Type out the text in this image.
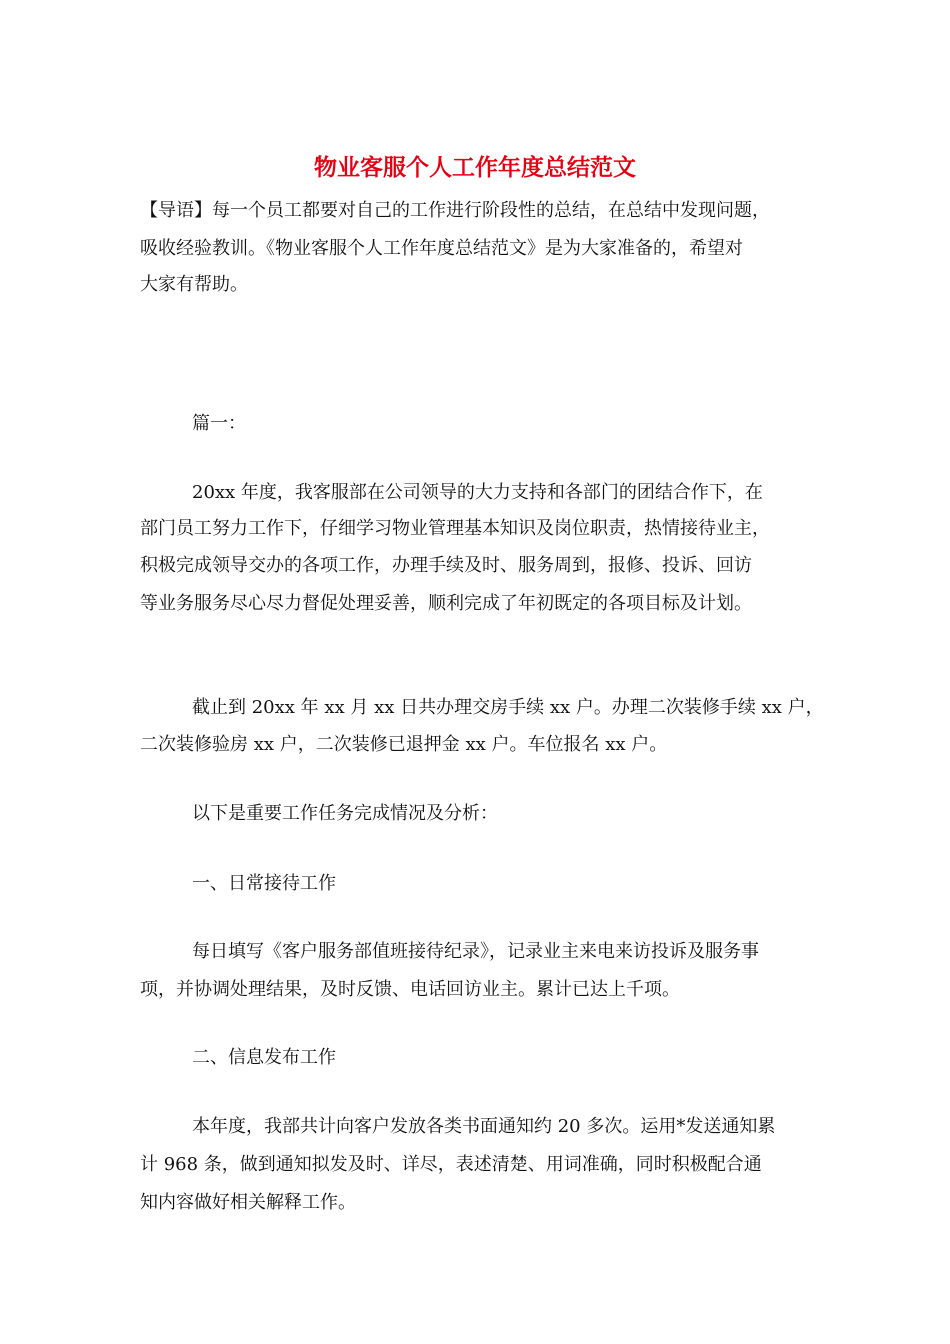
物业客服个人工作年度总结范文

【导语】每一个员工都要对自己的工作进行阶段性的总结，在总结中发现问题，

吸收经验教训。《物业客服个人工作年度总结范文》是为大家准备的，希望对

大家有帮助。

篇一：

20xx 年度，我客服部在公司领导的大力支持和各部门的团结合作下，在

部门员工努力工作下，仔细学习物业管理基本知识及岗位职责，热情接待业主，

积极完成领导交办的各项工作，办理手续及时、服务周到，报修、投诉、回访

等业务服务尽心尽力督促处理妥善，顺利完成了年初既定的各项目标及计划。

截止到 20xx 年 xx 月 xx 日共办理交房手续 xx 户。办理二次装修手续 xx 户，

二次装修验房 xx 户，二次装修已退押金 xx 户。车位报名 xx 户。

以下是重要工作任务完成情况及分析：

一、日常接待工作

每日填写《客户服务部值班接待纪录》，记录业主来电来访投诉及服务事

项，并协调处理结果，及时反馈、电话回访业主。累计已达上千项。

二、信息发布工作

本年度，我部共计向客户发放各类书面通知约 20 多次。运用*发送通知累

计 968 条，做到通知拟发及时、详尽，表述清楚、用词准确，同时积极配合通

知内容做好相关解释工作。
